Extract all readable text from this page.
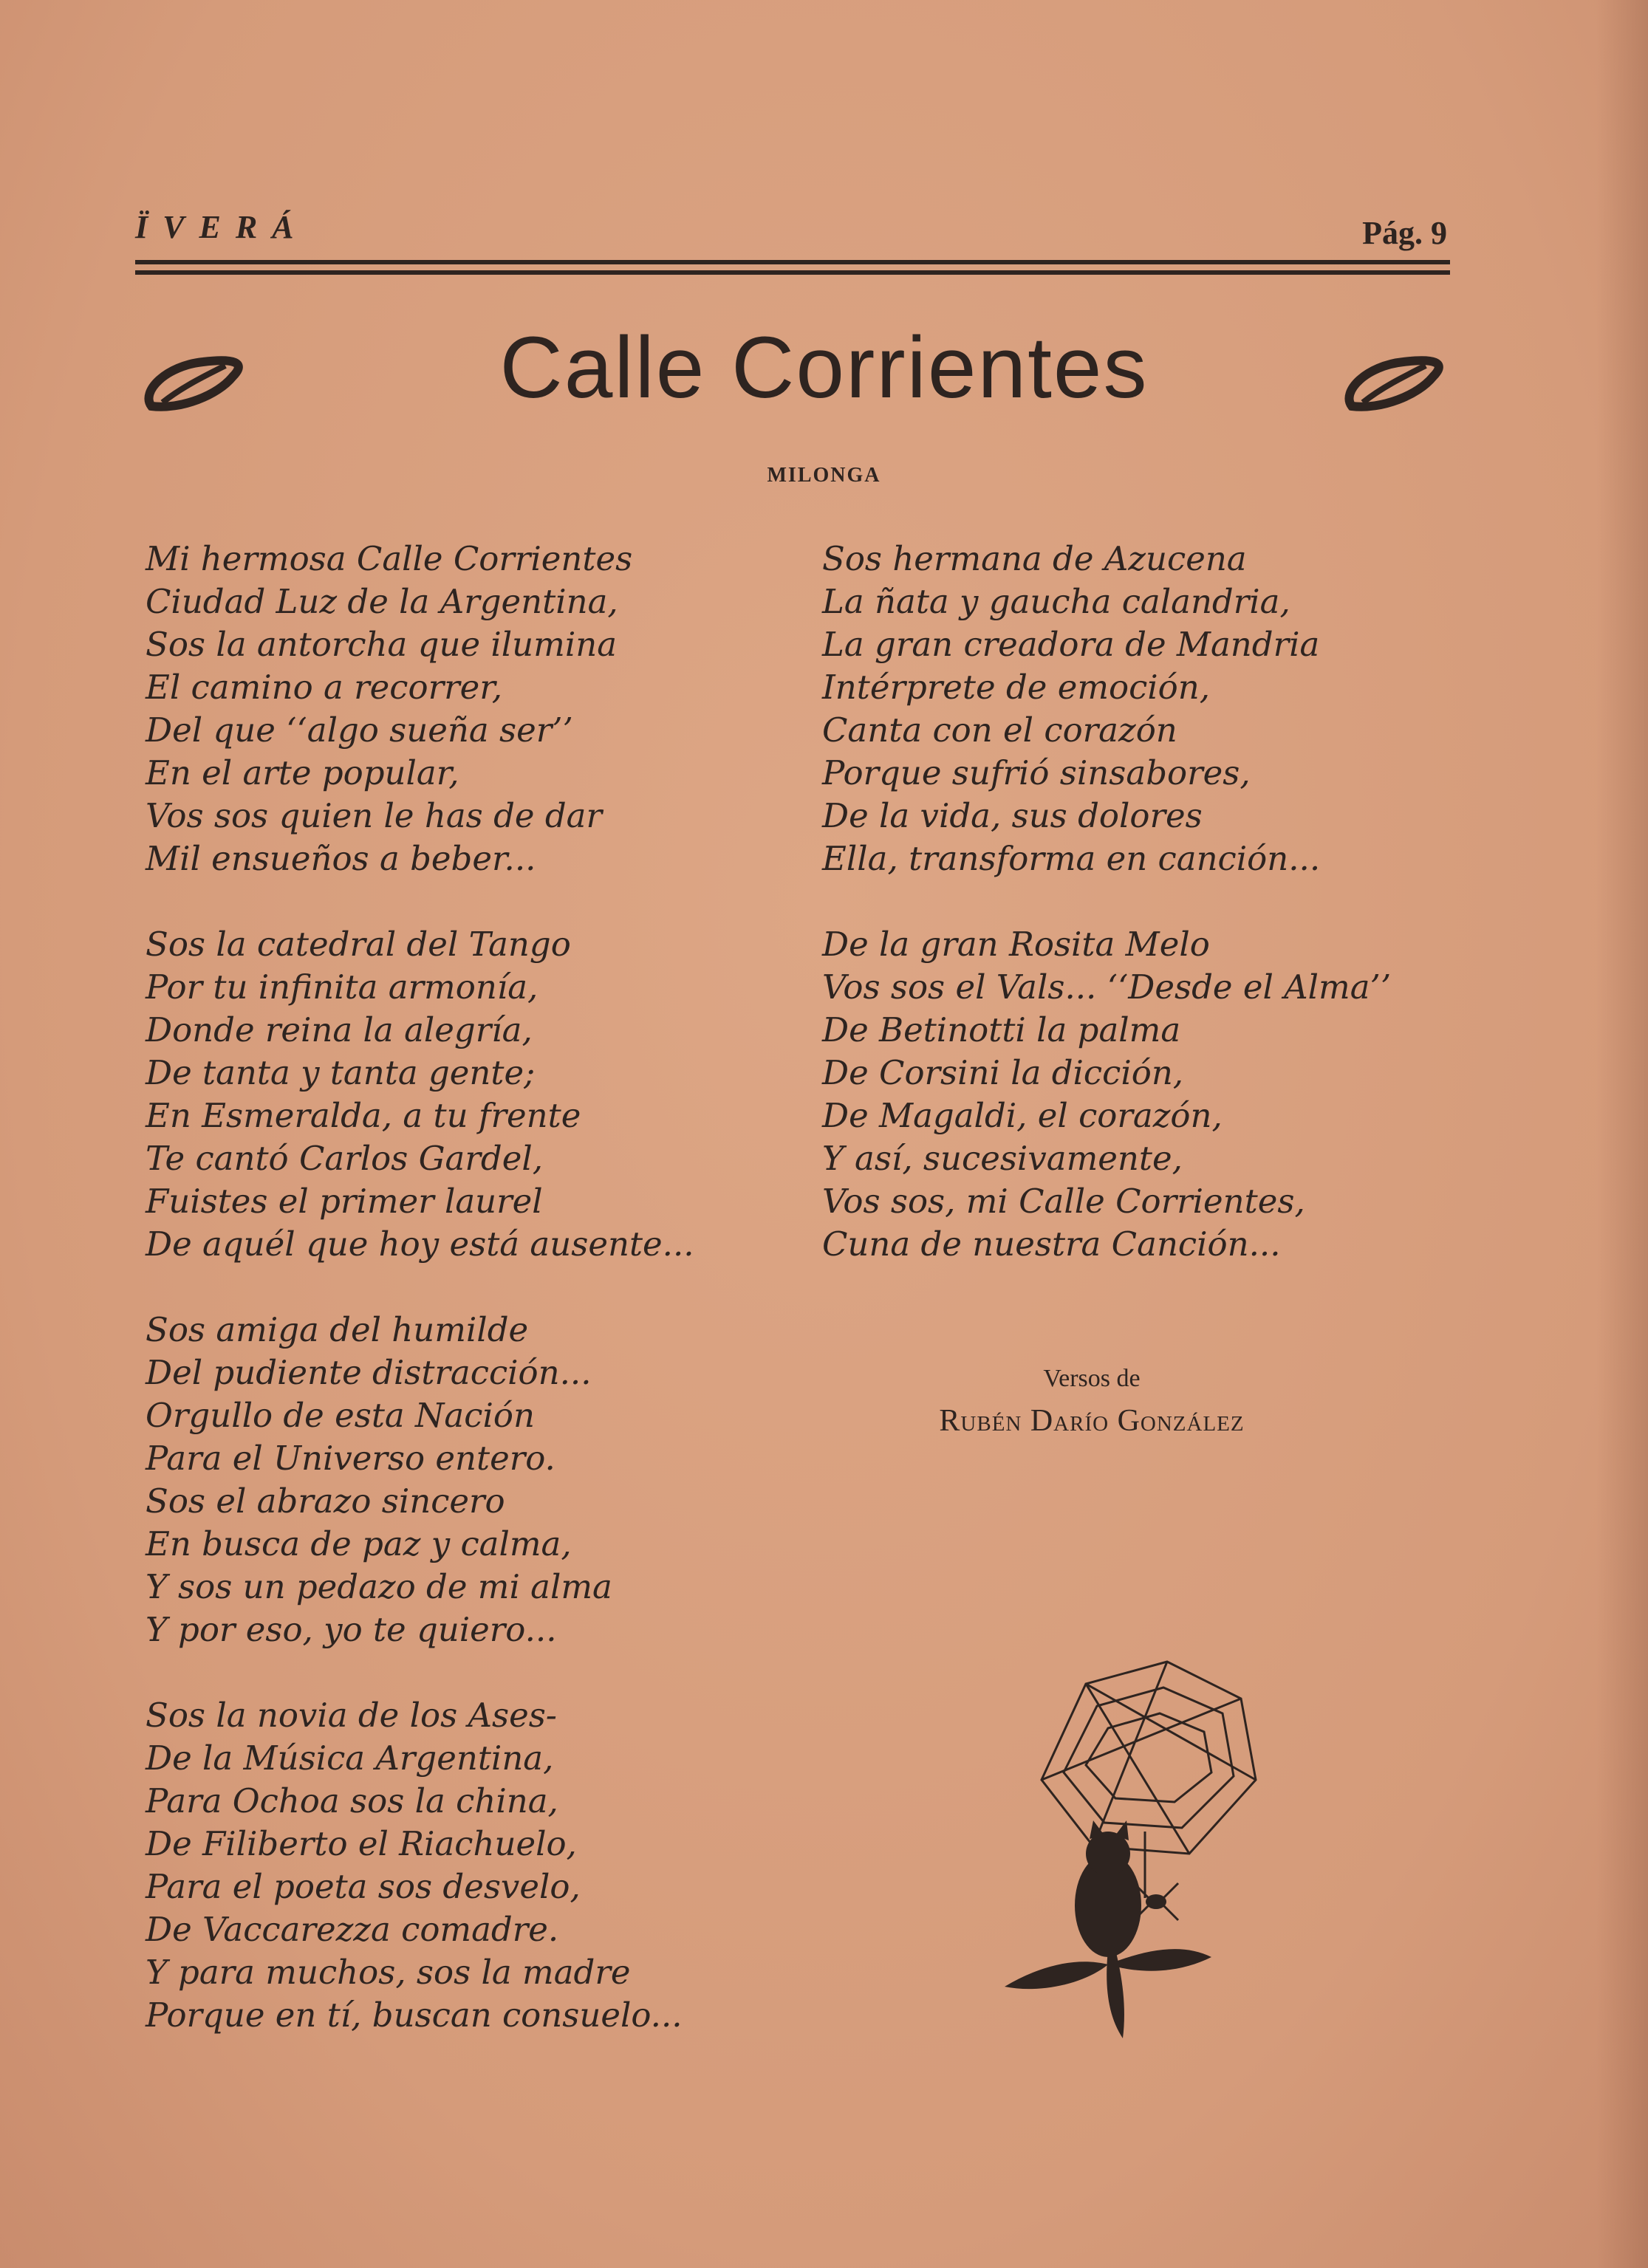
ÏVERÁ	Pág. 9
Calle Corrientes
MILONGA
Mi hermosa Calle Corrientes
Ciudad Luz de la Argentina,
Sos la antorcha que ilumina
El camino a recorrer,
Del que ‘‘algo sueña ser’’
En el arte popular,
Vos sos quien le has de dar
Mil ensueños a beber...
Sos la catedral del Tango
Por tu infinita armonía,
Donde reina la alegría,
De tanta y tanta gente;
En Esmeralda, a tu frente
Te cantó Carlos Gardel,
Fuistes el primer laurel
De aquél que hoy está ausente...
Sos amiga del humilde
Del pudiente distracción...
Orgullo de esta Nación
Para el Universo entero.
Sos el abrazo sincero
En busca de paz y calma,
Y sos un pedazo de mi alma
Y por eso, yo te quiero...
Sos la novia de los Ases-
De la Música Argentina,
Para Ochoa sos la china,
De Filiberto el Riachuelo,
Para el poeta sos desvelo,
De Vaccarezza comadre.
Y para muchos, sos la madre
Porque en tí, buscan consuelo...
Sos hermana de Azucena
La ñata y gaucha calandria,
La gran creadora de Mandria
Intérprete de emoción,
Canta con el corazón
Porque sufrió sinsabores,
De la vida, sus dolores
Ella, transforma en canción...
De la gran Rosita Melo
Vos sos el Vals... ‘‘Desde el Alma’’
De Betinotti la palma
De Corsini la dicción,
De Magaldi, el corazón,
Y así, sucesivamente,
Vos sos, mi Calle Corrientes,
Cuna de nuestra Canción...
Versos de
Rubén Darío González
